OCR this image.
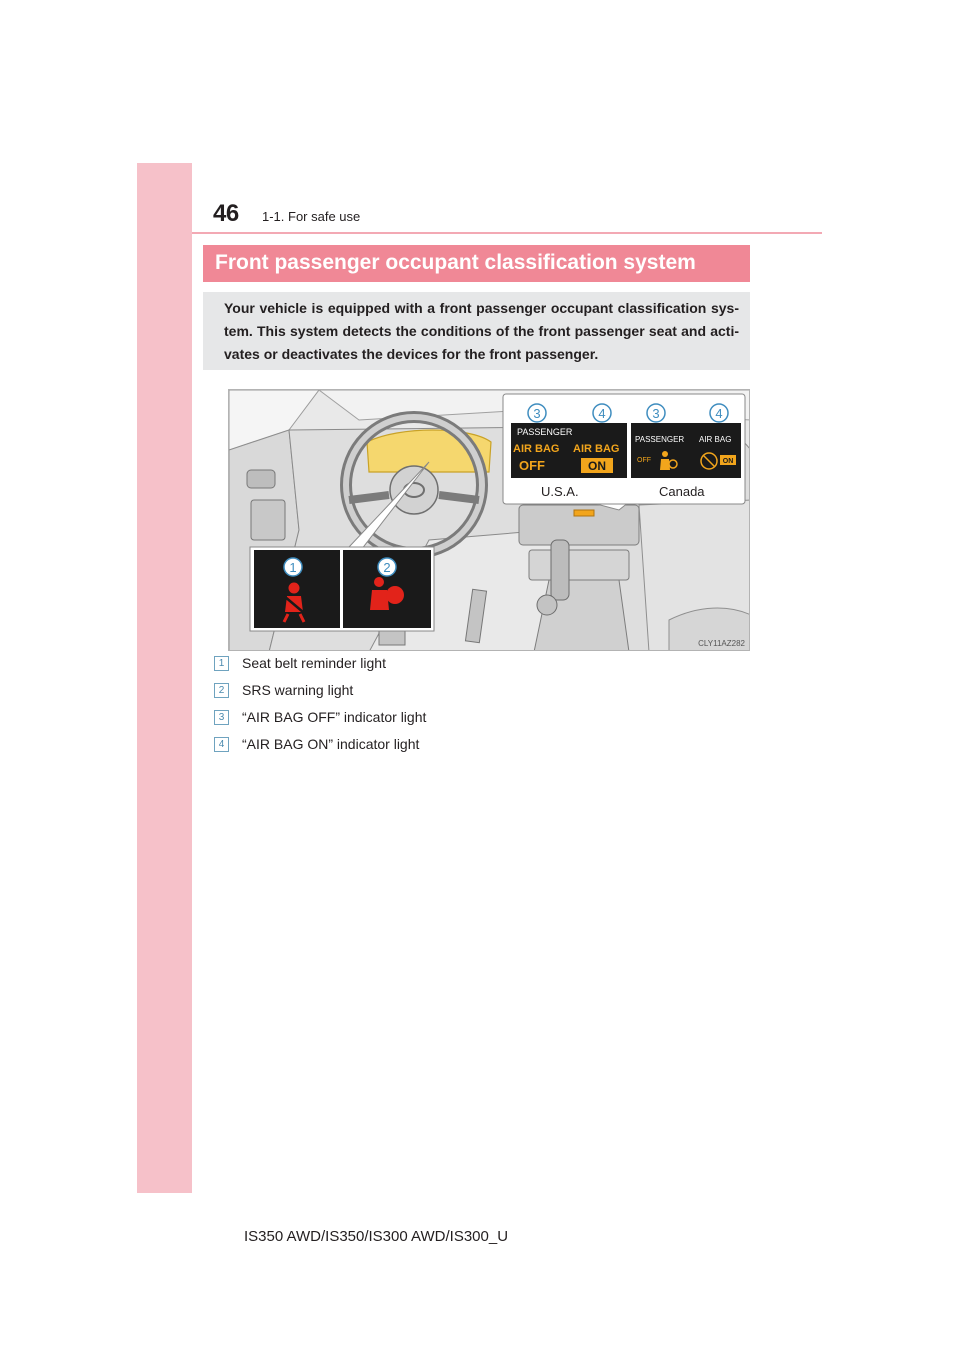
46 1-1. For safe use
Front passenger occupant classification system
Your vehicle is equipped with a front passenger occupant classification sys-tem. This system detects the conditions of the front passenger seat and acti-vates or deactivates the devices for the front passenger.
1	2
PASSENGER
AIR BAG AIR BAG
OFF	ON
PASSENGER AIR BAG
OFF	ON
3	4	3	4
U.S.A.	Canada
CLY11AZ282
1	Seat belt reminder light
2	SRS warning light
3	“AIR BAG OFF” indicator light
4	“AIR BAG ON” indicator light
IS350 AWD/IS350/IS300 AWD/IS300_U
